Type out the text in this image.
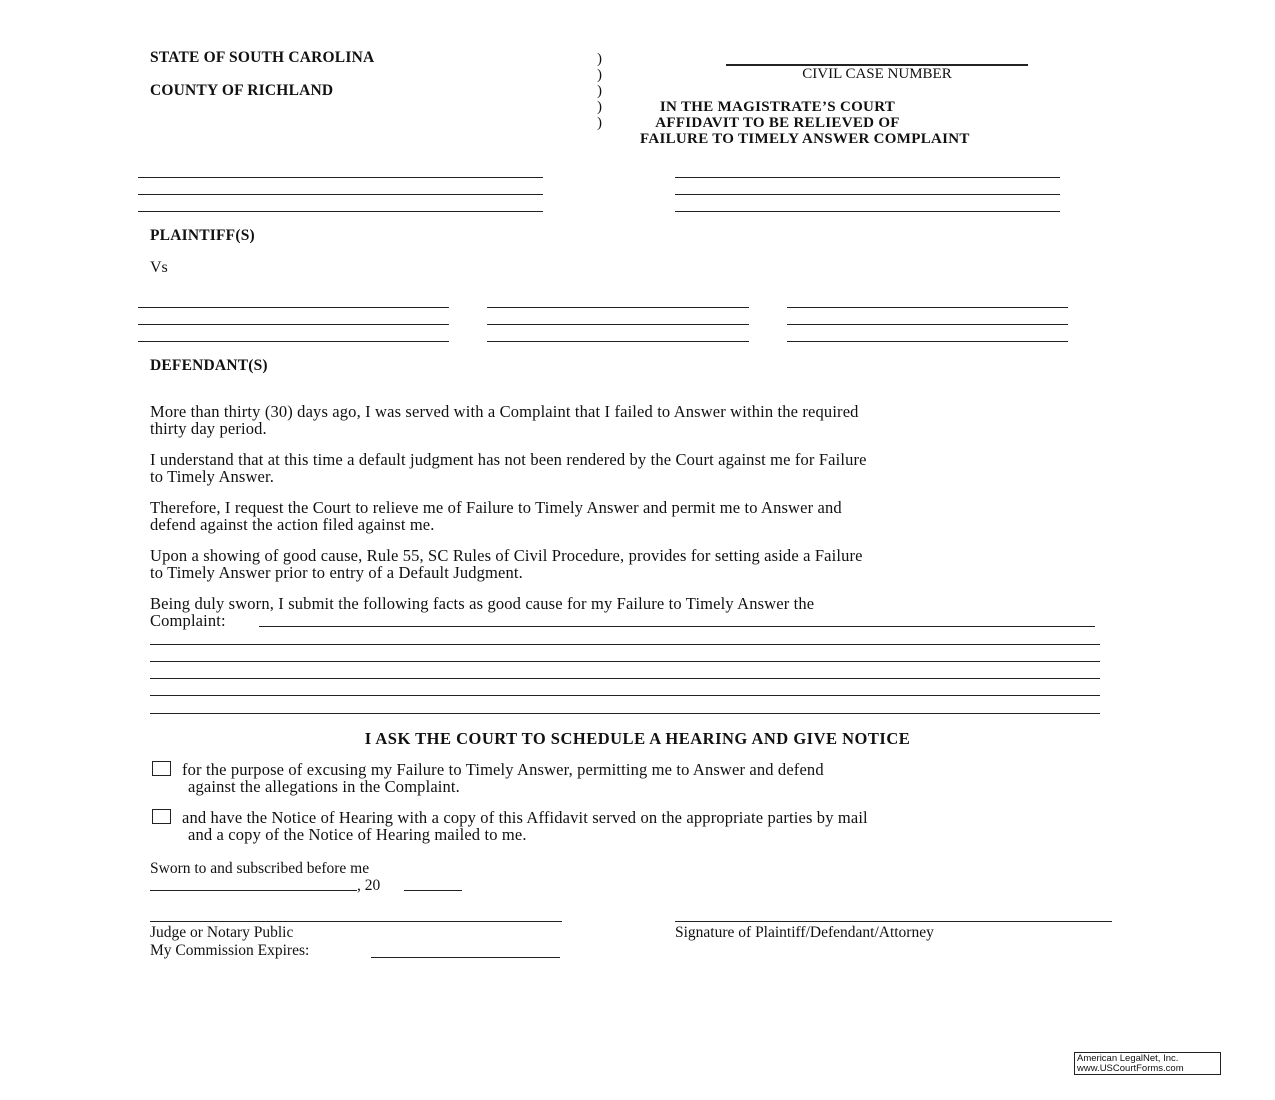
STATE OF SOUTH CAROLINA
COUNTY OF RICHLAND
)
)
)
)
)
CIVIL CASE NUMBER
IN THE MAGISTRATE’S COURT
AFFIDAVIT TO BE RELIEVED OF
FAILURE TO TIMELY ANSWER COMPLAINT
PLAINTIFF(S)
Vs
DEFENDANT(S)
More than thirty (30) days ago, I was served with a Complaint that I failed to Answer within the required
thirty day period.
I understand that at this time a default judgment has not been rendered by the Court against me for Failure
to Timely Answer.
Therefore, I request the Court to relieve me of Failure to Timely Answer and permit me to Answer and
defend against the action filed against me.
Upon a showing of good cause, Rule 55, SC Rules of Civil Procedure, provides for setting aside a Failure
to Timely Answer prior to entry of a Default Judgment.
Being duly sworn, I submit the following facts as good cause for my Failure to Timely Answer the
Complaint:
I ASK THE COURT TO SCHEDULE A HEARING AND GIVE NOTICE
for the purpose of excusing my Failure to Timely Answer, permitting me to Answer and defend
against the allegations in the Complaint.
and have the Notice of Hearing with a copy of this Affidavit served on the appropriate parties by mail
and a copy of the Notice of Hearing mailed to me.
Sworn to and subscribed before me
, 20
Judge or Notary Public
My Commission Expires:
Signature of Plaintiff/Defendant/Attorney
American LegalNet, Inc.
www.USCourtForms.com
